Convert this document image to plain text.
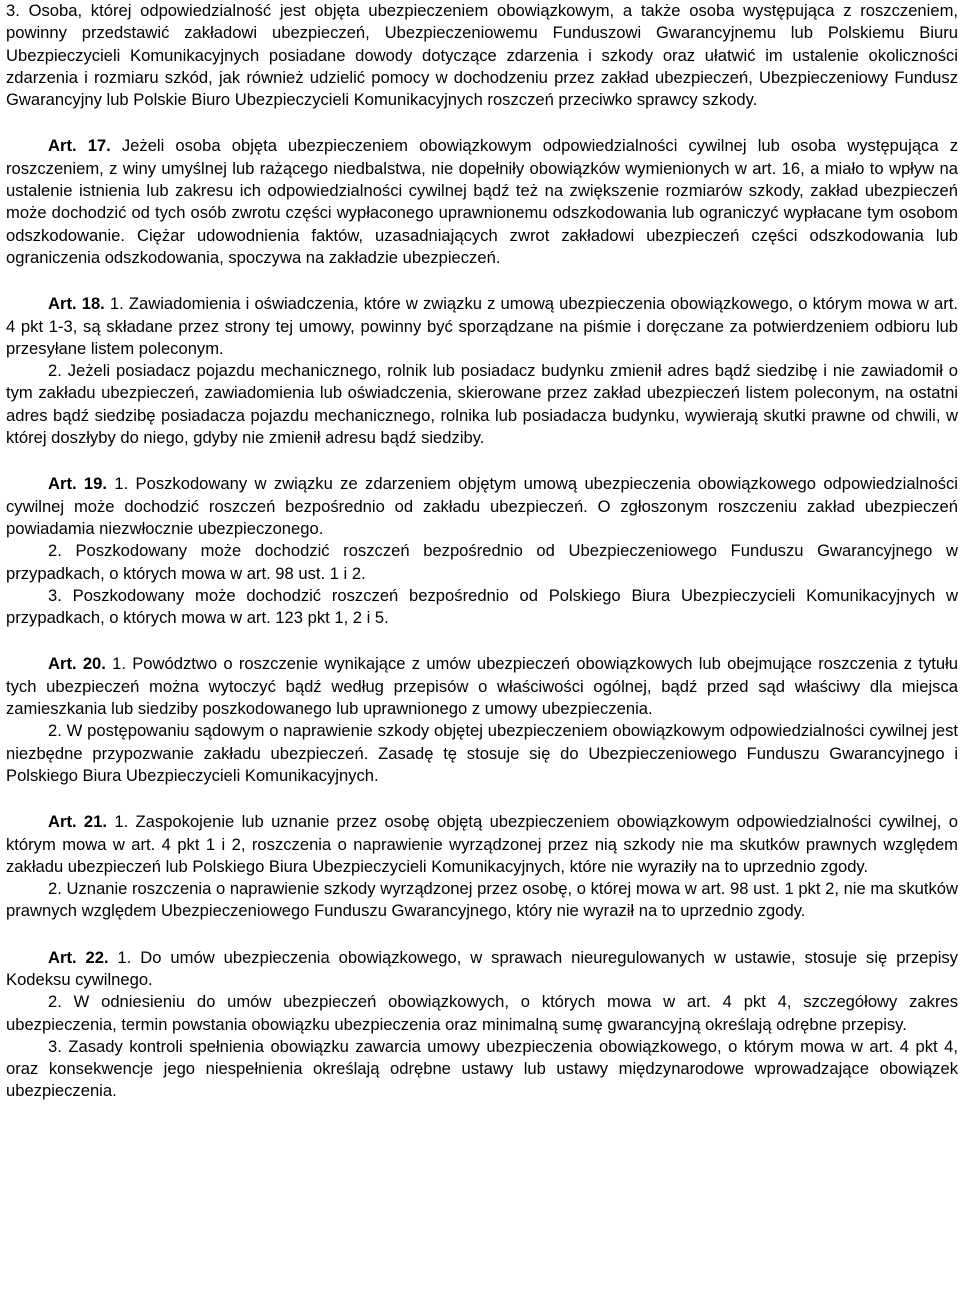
3. Osoba, której odpowiedzialność jest objęta ubezpieczeniem obowiązkowym, a także osoba występująca z roszczeniem, powinny przedstawić zakładowi ubezpieczeń, Ubezpieczeniowemu Funduszowi Gwarancyjnemu lub Polskiemu Biuru Ubezpieczycieli Komunikacyjnych posiadane dowody dotyczące zdarzenia i szkody oraz ułatwić im ustalenie okoliczności zdarzenia i rozmiaru szkód, jak również udzielić pomocy w dochodzeniu przez zakład ubezpieczeń, Ubezpieczeniowy Fundusz Gwarancyjny lub Polskie Biuro Ubezpieczycieli Komunikacyjnych roszczeń przeciwko sprawcy szkody.

Art. 17. Jeżeli osoba objęta ubezpieczeniem obowiązkowym odpowiedzialności cywilnej lub osoba występująca z roszczeniem, z winy umyślnej lub rażącego niedbalstwa, nie dopełniły obowiązków wymienionych w art. 16, a miało to wpływ na ustalenie istnienia lub zakresu ich odpowiedzialności cywilnej bądź też na zwiększenie rozmiarów szkody, zakład ubezpieczeń może dochodzić od tych osób zwrotu części wypłaconego uprawnionemu odszkodowania lub ograniczyć wypłacane tym osobom odszkodowanie. Ciężar udowodnienia faktów, uzasadniających zwrot zakładowi ubezpieczeń części odszkodowania lub ograniczenia odszkodowania, spoczywa na zakładzie ubezpieczeń.

Art. 18. 1. Zawiadomienia i oświadczenia, które w związku z umową ubezpieczenia obowiązkowego, o którym mowa w art. 4 pkt 1-3, są składane przez strony tej umowy, powinny być sporządzane na piśmie i doręczane za potwierdzeniem odbioru lub przesyłane listem poleconym.

2. Jeżeli posiadacz pojazdu mechanicznego, rolnik lub posiadacz budynku zmienił adres bądź siedzibę i nie zawiadomił o tym zakładu ubezpieczeń, zawiadomienia lub oświadczenia, skierowane przez zakład ubezpieczeń listem poleconym, na ostatni adres bądź siedzibę posiadacza pojazdu mechanicznego, rolnika lub posiadacza budynku, wywierają skutki prawne od chwili, w której doszłyby do niego, gdyby nie zmienił adresu bądź siedziby.

Art. 19. 1. Poszkodowany w związku ze zdarzeniem objętym umową ubezpieczenia obowiązkowego odpowiedzialności cywilnej może dochodzić roszczeń bezpośrednio od zakładu ubezpieczeń. O zgłoszonym roszczeniu zakład ubezpieczeń powiadamia niezwłocznie ubezpieczonego.

2. Poszkodowany może dochodzić roszczeń bezpośrednio od Ubezpieczeniowego Funduszu Gwarancyjnego w przypadkach, o których mowa w art. 98 ust. 1 i 2.

3. Poszkodowany może dochodzić roszczeń bezpośrednio od Polskiego Biura Ubezpieczycieli Komunikacyjnych w przypadkach, o których mowa w art. 123 pkt 1, 2 i 5.

Art. 20. 1. Powództwo o roszczenie wynikające z umów ubezpieczeń obowiązkowych lub obejmujące roszczenia z tytułu tych ubezpieczeń można wytoczyć bądź według przepisów o właściwości ogólnej, bądź przed sąd właściwy dla miejsca zamieszkania lub siedziby poszkodowanego lub uprawnionego z umowy ubezpieczenia.

2. W postępowaniu sądowym o naprawienie szkody objętej ubezpieczeniem obowiązkowym odpowiedzialności cywilnej jest niezbędne przypozwanie zakładu ubezpieczeń. Zasadę tę stosuje się do Ubezpieczeniowego Funduszu Gwarancyjnego i Polskiego Biura Ubezpieczycieli Komunikacyjnych.

Art. 21. 1. Zaspokojenie lub uznanie przez osobę objętą ubezpieczeniem obowiązkowym odpowiedzialności cywilnej, o którym mowa w art. 4 pkt 1 i 2, roszczenia o naprawienie wyrządzonej przez nią szkody nie ma skutków prawnych względem zakładu ubezpieczeń lub Polskiego Biura Ubezpieczycieli Komunikacyjnych, które nie wyraziły na to uprzednio zgody.

2. Uznanie roszczenia o naprawienie szkody wyrządzonej przez osobę, o której mowa w art. 98 ust. 1 pkt 2, nie ma skutków prawnych względem Ubezpieczeniowego Funduszu Gwarancyjnego, który nie wyraził na to uprzednio zgody.

Art. 22. 1. Do umów ubezpieczenia obowiązkowego, w sprawach nieuregulowanych w ustawie, stosuje się przepisy Kodeksu cywilnego.

2. W odniesieniu do umów ubezpieczeń obowiązkowych, o których mowa w art. 4 pkt 4, szczegółowy zakres ubezpieczenia, termin powstania obowiązku ubezpieczenia oraz minimalną sumę gwarancyjną określają odrębne przepisy.

3. Zasady kontroli spełnienia obowiązku zawarcia umowy ubezpieczenia obowiązkowego, o którym mowa w art. 4 pkt 4, oraz konsekwencje jego niespełnienia określają odrębne ustawy lub ustawy międzynarodowe wprowadzające obowiązek ubezpieczenia.
